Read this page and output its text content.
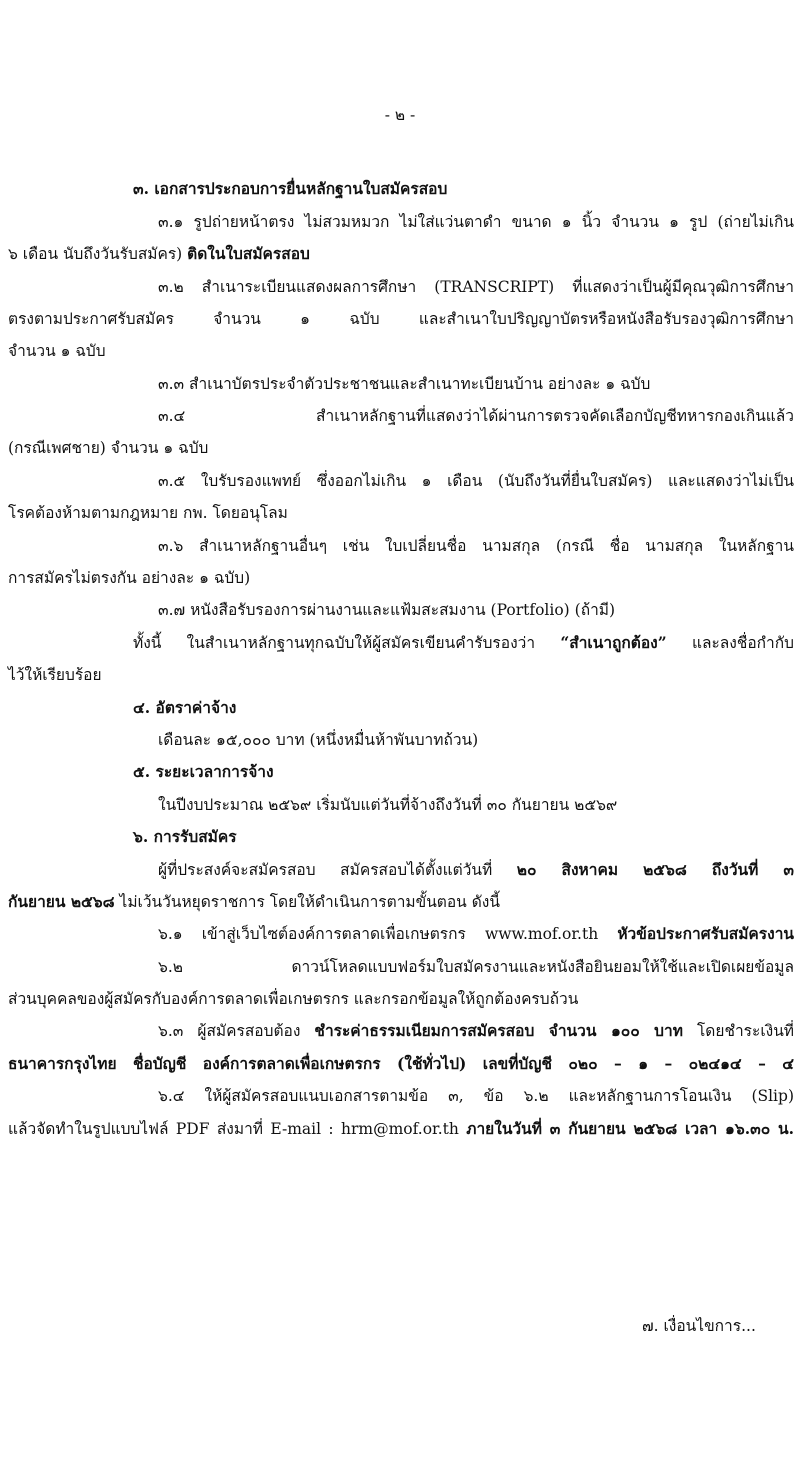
- ๒ -
๓. เอกสารประกอบการยื่นหลักฐานใบสมัครสอบ
๓.๑ รูปถ่ายหน้าตรง ไม่สวมหมวก ไม่ใส่แว่นตาดำ ขนาด ๑ นิ้ว จำนวน ๑ รูป (ถ่ายไม่เกิน
๖ เดือน นับถึงวันรับสมัคร) ติดในใบสมัครสอบ
๓.๒ สำเนาระเบียนแสดงผลการศึกษา (TRANSCRIPT) ที่แสดงว่าเป็นผู้มีคุณวุฒิการศึกษา
ตรงตามประกาศรับสมัคร จำนวน ๑ ฉบับ และสำเนาใบปริญญาบัตรหรือหนังสือรับรองวุฒิการศึกษา
จำนวน ๑ ฉบับ
๓.๓ สำเนาบัตรประจำตัวประชาชนและสำเนาทะเบียนบ้าน อย่างละ ๑ ฉบับ
๓.๔ สำเนาหลักฐานที่แสดงว่าได้ผ่านการตรวจคัดเลือกบัญชีทหารกองเกินแล้ว
(กรณีเพศชาย) จำนวน ๑ ฉบับ
๓.๕ ใบรับรองแพทย์ ซึ่งออกไม่เกิน ๑ เดือน (นับถึงวันที่ยื่นใบสมัคร) และแสดงว่าไม่เป็น
โรคต้องห้ามตามกฎหมาย กพ. โดยอนุโลม
๓.๖ สำเนาหลักฐานอื่นๆ เช่น ใบเปลี่ยนชื่อ นามสกุล (กรณี ชื่อ นามสกุล ในหลักฐาน
การสมัครไม่ตรงกัน อย่างละ ๑ ฉบับ)
๓.๗ หนังสือรับรองการผ่านงานและแฟ้มสะสมงาน (Portfolio) (ถ้ามี)
ทั้งนี้ ในสำเนาหลักฐานทุกฉบับให้ผู้สมัครเขียนคำรับรองว่า “สำเนาถูกต้อง” และลงชื่อกำกับ
ไว้ให้เรียบร้อย
๔. อัตราค่าจ้าง
เดือนละ ๑๕,๐๐๐ บาท (หนึ่งหมื่นห้าพันบาทถ้วน)
๕. ระยะเวลาการจ้าง
ในปีงบประมาณ ๒๕๖๙ เริ่มนับแต่วันที่จ้างถึงวันที่ ๓๐ กันยายน ๒๕๖๙
๖. การรับสมัคร
ผู้ที่ประสงค์จะสมัครสอบ สมัครสอบได้ตั้งแต่วันที่ ๒๐ สิงหาคม ๒๕๖๘ ถึงวันที่ ๓
กันยายน ๒๕๖๘ ไม่เว้นวันหยุดราชการ โดยให้ดำเนินการตามขั้นตอน ดังนี้
๖.๑ เข้าสู่เว็บไซต์องค์การตลาดเพื่อเกษตรกร www.mof.or.th หัวข้อประกาศรับสมัครงาน
๖.๒ ดาวน์โหลดแบบฟอร์มใบสมัครงานและหนังสือยินยอมให้ใช้และเปิดเผยข้อมูล
ส่วนบุคคลของผู้สมัครกับองค์การตลาดเพื่อเกษตรกร และกรอกข้อมูลให้ถูกต้องครบถ้วน
๖.๓ ผู้สมัครสอบต้อง ชำระค่าธรรมเนียมการสมัครสอบ จำนวน ๑๐๐ บาท โดยชำระเงินที่
ธนาคารกรุงไทย ชื่อบัญชี องค์การตลาดเพื่อเกษตรกร (ใช้ทั่วไป) เลขที่บัญชี ๐๒๐ – ๑ – ๐๒๔๑๔ – ๔
๖.๔ ให้ผู้สมัครสอบแนบเอกสารตามข้อ ๓, ข้อ ๖.๒ และหลักฐานการโอนเงิน (Slip)
แล้วจัดทำในรูปแบบไฟล์ PDF ส่งมาที่ E-mail : hrm@mof.or.th ภายในวันที่ ๓ กันยายน ๒๕๖๘ เวลา ๑๖.๓๐ น.
๗. เงื่อนไขการ...
